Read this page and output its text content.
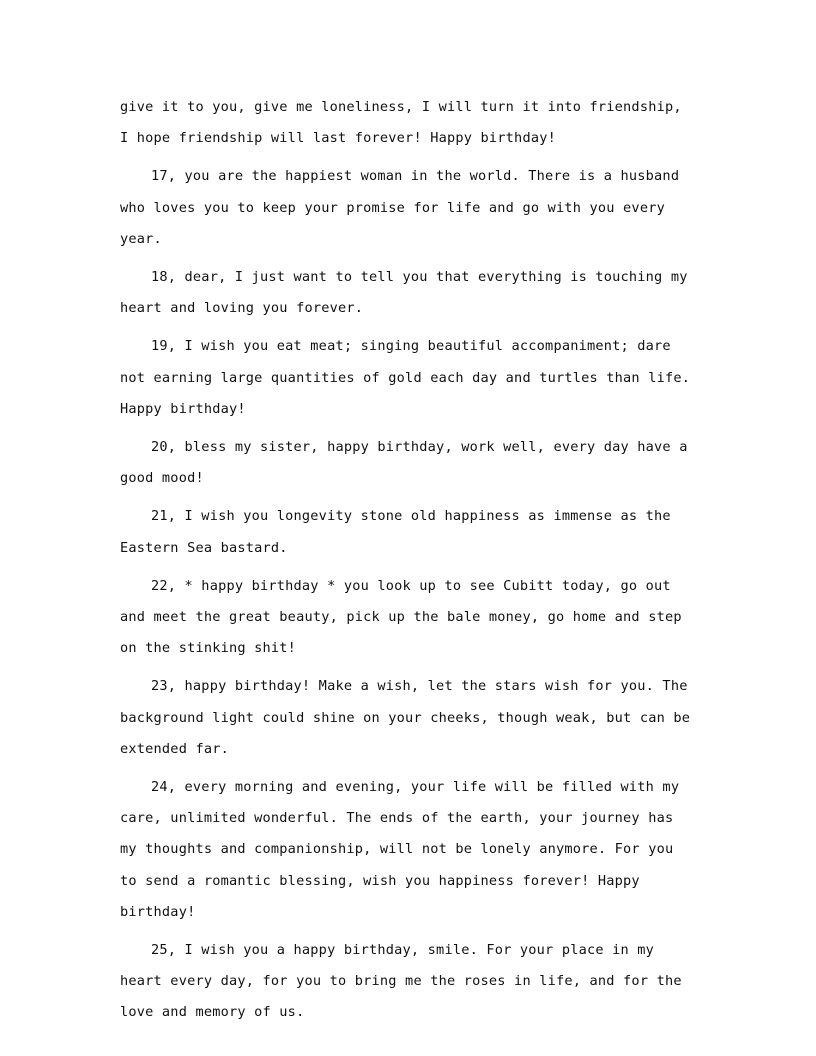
give it to you, give me loneliness, I will turn it into friendship, I hope friendship will last forever! Happy birthday!

17, you are the happiest woman in the world. There is a husband who loves you to keep your promise for life and go with you every year.

18, dear, I just want to tell you that everything is touching my heart and loving you forever.

19, I wish you eat meat; singing beautiful accompaniment; dare not earning large quantities of gold each day and turtles than life. Happy birthday!

20, bless my sister, happy birthday, work well, every day have a good mood!

21, I wish you longevity stone old happiness as immense as the Eastern Sea bastard.

22, * happy birthday * you look up to see Cubitt today, go out and meet the great beauty, pick up the bale money, go home and step on the stinking shit!

23, happy birthday! Make a wish, let the stars wish for you. The background light could shine on your cheeks, though weak, but can be extended far.

24, every morning and evening, your life will be filled with my care, unlimited wonderful. The ends of the earth, your journey has my thoughts and companionship, will not be lonely anymore. For you to send a romantic blessing, wish you happiness forever! Happy birthday!

25, I wish you a happy birthday, smile. For your place in my heart every day, for you to bring me the roses in life, and for the love and memory of us.
